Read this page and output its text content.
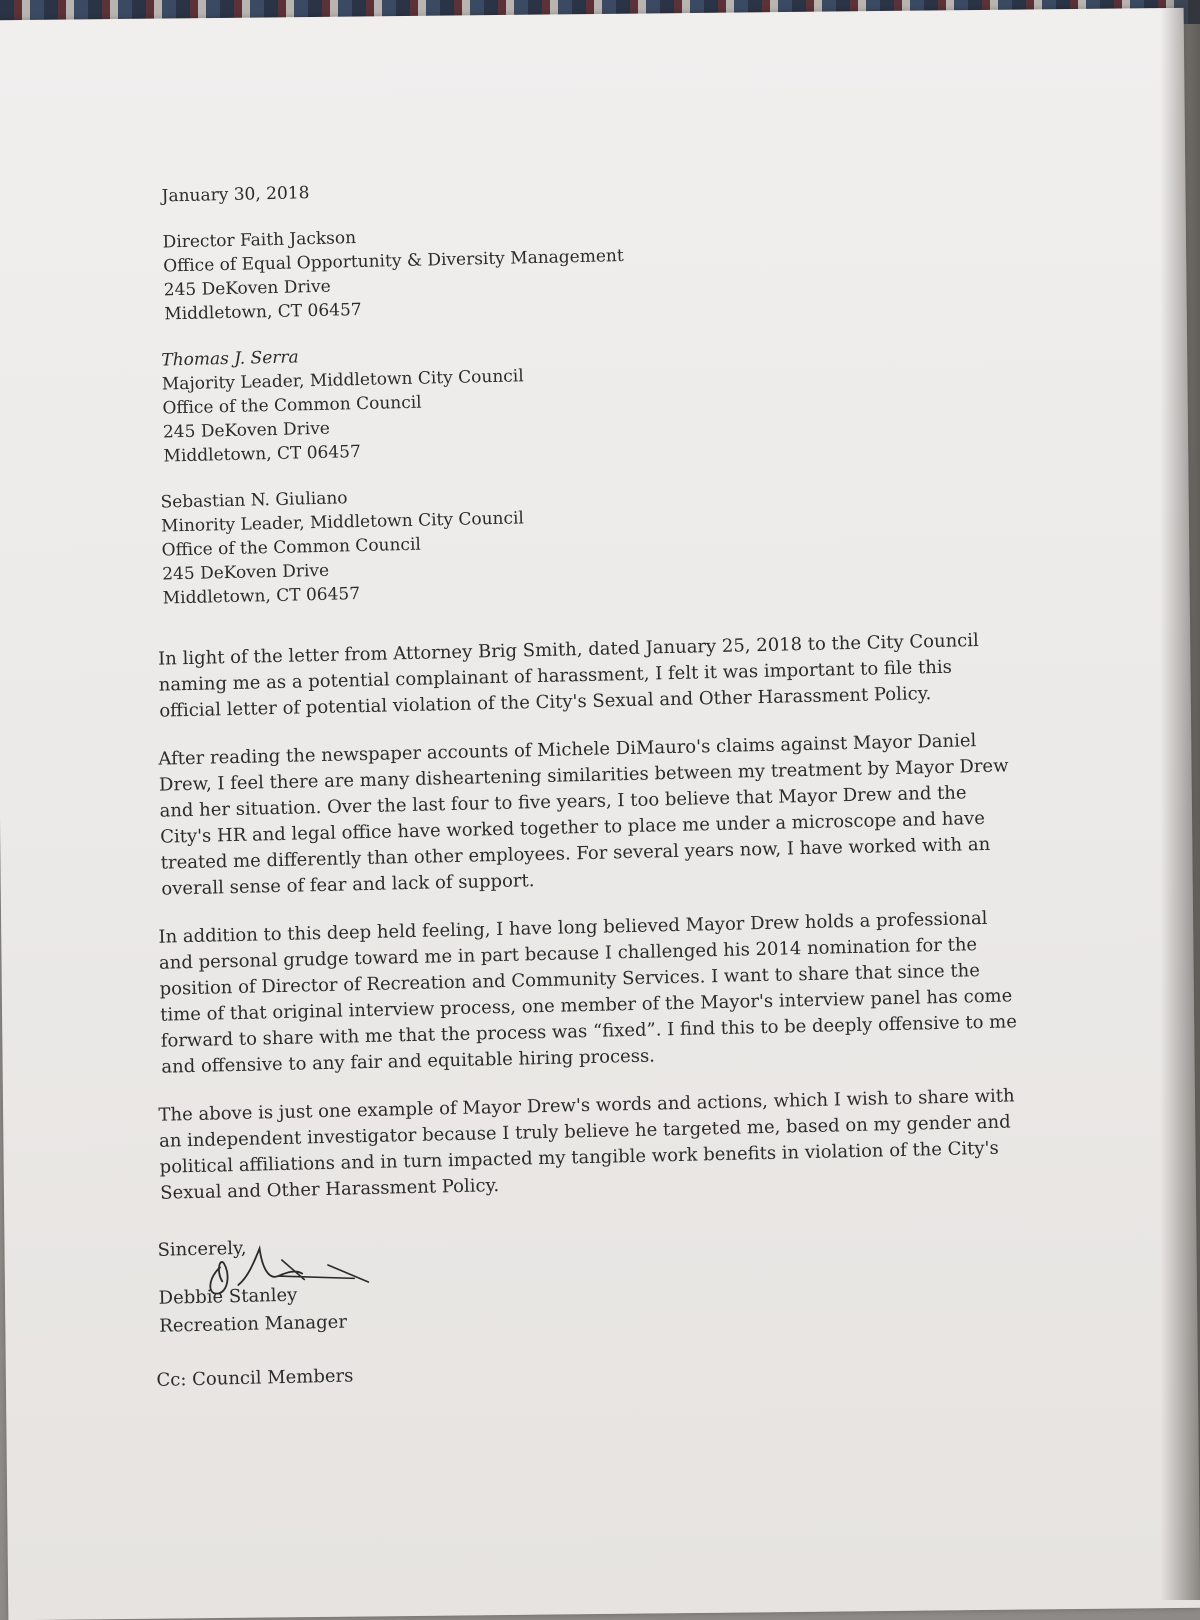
January 30, 2018
Director Faith Jackson
Office of Equal Opportunity & Diversity Management
245 DeKoven Drive
Middletown, CT 06457
Thomas J. Serra
Majority Leader, Middletown City Council
Office of the Common Council
245 DeKoven Drive
Middletown, CT 06457
Sebastian N. Giuliano
Minority Leader, Middletown City Council
Office of the Common Council
245 DeKoven Drive
Middletown, CT 06457
In light of the letter from Attorney Brig Smith, dated January 25, 2018 to the City Council naming me as a potential complainant of harassment, I felt it was important to file this official letter of potential violation of the City's Sexual and Other Harassment Policy.
After reading the newspaper accounts of Michele DiMauro's claims against Mayor Daniel Drew, I feel there are many disheartening similarities between my treatment by Mayor Drew and her situation. Over the last four to five years, I too believe that Mayor Drew and the City's HR and legal office have worked together to place me under a microscope and have treated me differently than other employees. For several years now, I have worked with an overall sense of fear and lack of support.
In addition to this deep held feeling, I have long believed Mayor Drew holds a professional and personal grudge toward me in part because I challenged his 2014 nomination for the position of Director of Recreation and Community Services. I want to share that since the time of that original interview process, one member of the Mayor's interview panel has come forward to share with me that the process was “fixed”. I find this to be deeply offensive to me and offensive to any fair and equitable hiring process.
The above is just one example of Mayor Drew's words and actions, which I wish to share with an independent investigator because I truly believe he targeted me, based on my gender and political affiliations and in turn impacted my tangible work benefits in violation of the City's Sexual and Other Harassment Policy.
Sincerely,
Debbie Stanley
Recreation Manager
Cc: Council Members
